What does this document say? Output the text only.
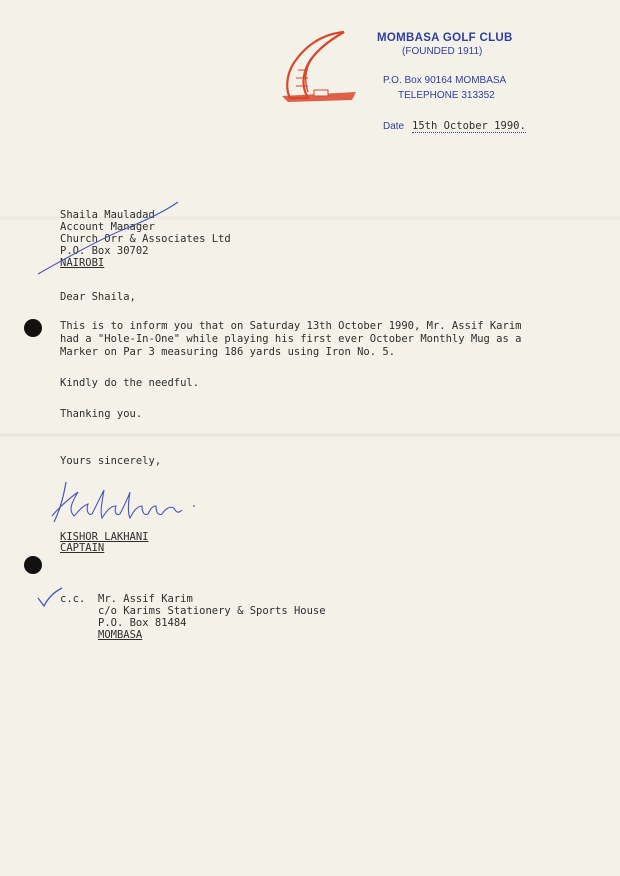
MOMBASA GOLF CLUB
(FOUNDED 1911)
P.O. Box 90164 MOMBASA
TELEPHONE 313352
Date 15th October 1990.
Shaila Mauladad
Account Manager
Church Orr & Associates Ltd
P.O. Box 30702
NAIROBI
Dear Shaila,
This is to inform you that on Saturday 13th October 1990, Mr. Assif Karim
had a "Hole-In-One" while playing his first ever October Monthly Mug as a
Marker on Par 3 measuring 186 yards using Iron No. 5.
Kindly do the needful.
Thanking you.
Yours sincerely,
KISHOR LAKHANI
CAPTAIN
c.c. Mr. Assif Karim
c/o Karims Stationery & Sports House
P.O. Box 81484
MOMBASA
